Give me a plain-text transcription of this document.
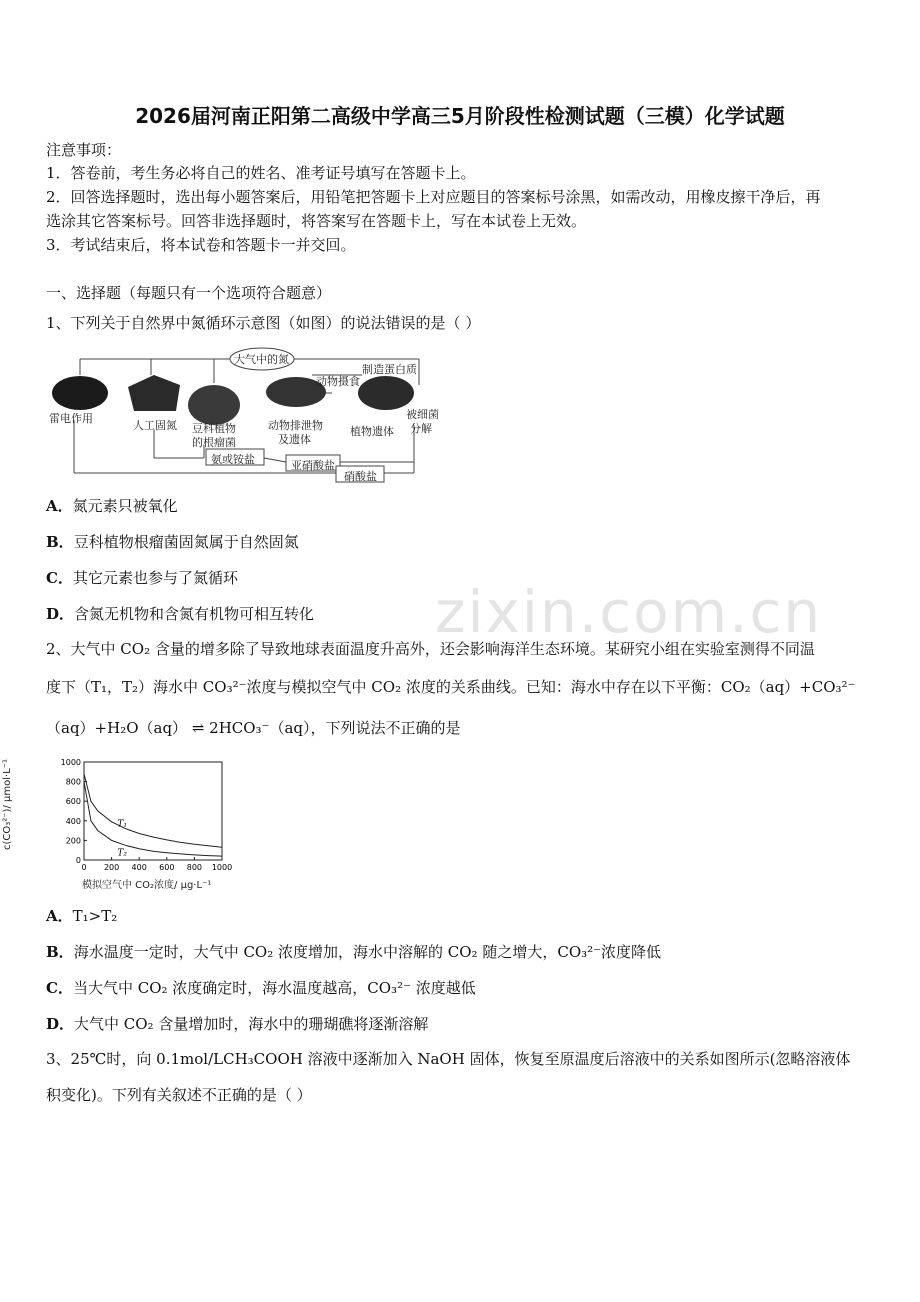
2026届河南正阳第二高级中学高三5月阶段性检测试题（三模）化学试题
注意事项：
1．答卷前，考生务必将自己的姓名、准考证号填写在答题卡上。
2．回答选择题时，选出每小题答案后，用铅笔把答题卡上对应题目的答案标号涂黑，如需改动，用橡皮擦干净后，再
选涂其它答案标号。回答非选择题时，将答案写在答题卡上，写在本试卷上无效。
3．考试结束后，将本试卷和答题卡一并交回。
一、选择题（每题只有一个选项符合题意）
1、下列关于自然界中氮循环示意图（如图）的说法错误的是（ ）
大气中的氮
雷电作用
人工固氮 豆科植物
的根瘤菌
动物排泄物
及遗体
植物遗体
制造蛋白质
动物摄食
被细菌
分解
氨或铵盐	亚硝酸盐
硝酸盐
A．氮元素只被氧化
B．豆科植物根瘤菌固氮属于自然固氮
C．其它元素也参与了氮循环
D．含氮无机物和含氮有机物可相互转化 zixin.com.cn
2、大气中 CO₂ 含量的增多除了导致地球表面温度升高外，还会影响海洋生态环境。某研究小组在实验室测得不同温
度下（T₁，T₂）海水中 CO₃²⁻浓度与模拟空气中 CO₂ 浓度的关系曲线。已知：海水中存在以下平衡：CO₂（aq）+CO₃²⁻
（aq）+H₂O（aq） ⇌ 2HCO₃⁻（aq），下列说法不正确的是
0
200
400
600
800
1000
0 200 400 600 800 1000
T₁
T₂
模拟空气中 CO₂浓度/ μg·L⁻¹
c(CO₃²⁻)/ μmol·L⁻¹
A．T₁>T₂
B．海水温度一定时，大气中 CO₂ 浓度增加，海水中溶解的 CO₂ 随之增大，CO₃²⁻浓度降低
C．当大气中 CO₂ 浓度确定时，海水温度越高，CO₃²⁻ 浓度越低
D．大气中 CO₂ 含量增加时，海水中的珊瑚礁将逐渐溶解
3、25℃时，向 0.1mol/LCH₃COOH 溶液中逐渐加入 NaOH 固体，恢复至原温度后溶液中的关系如图所示(忽略溶液体
积变化)。下列有关叙述不正确的是（ ）
